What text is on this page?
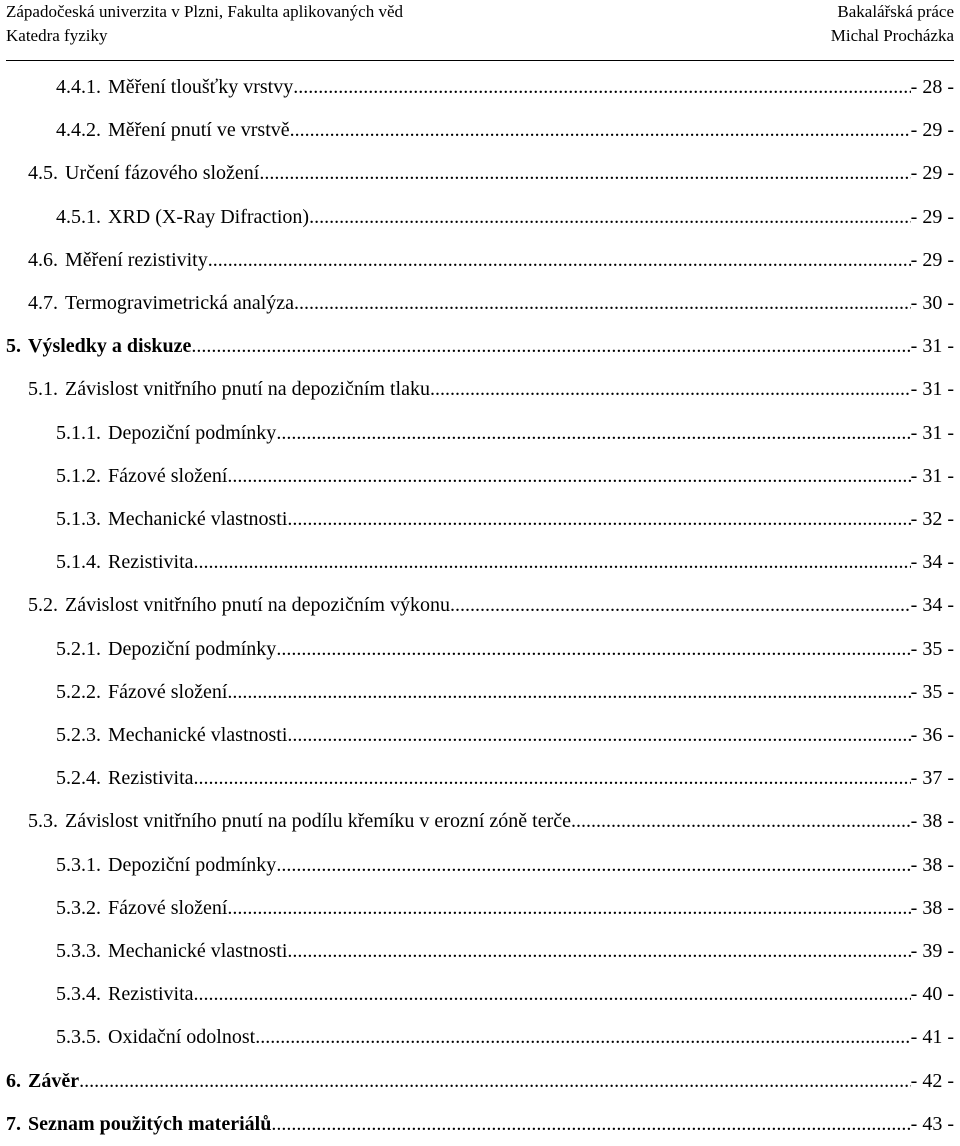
Západočeská univerzita v Plzni, Fakulta aplikovaných věd	Bakalářská práce
Katedra fyziky	Michal Procházka
4.4.1. Měření tloušťky vrstvy .....	- 28 -
4.4.2. Měření pnutí ve vrstvě .....	- 29 -
4.5. Určení fázového složení .....	- 29 -
4.5.1. XRD (X-Ray Difraction) .....	- 29 -
4.6. Měření rezistivity .....	- 29 -
4.7. Termogravimetrická analýza .....	- 30 -
5. Výsledky a diskuze .....	- 31 -
5.1. Závislost vnitřního pnutí na depozičním tlaku .....	- 31 -
5.1.1. Depoziční podmínky .....	- 31 -
5.1.2. Fázové složení .....	- 31 -
5.1.3. Mechanické vlastnosti .....	- 32 -
5.1.4. Rezistivita .....	- 34 -
5.2. Závislost vnitřního pnutí na depozičním výkonu .....	- 34 -
5.2.1. Depoziční podmínky .....	- 35 -
5.2.2. Fázové složení .....	- 35 -
5.2.3. Mechanické vlastnosti .....	- 36 -
5.2.4. Rezistivita .....	- 37 -
5.3. Závislost vnitřního pnutí na podílu křemíku v erozní zóně terče .....	- 38 -
5.3.1. Depoziční podmínky .....	- 38 -
5.3.2. Fázové složení .....	- 38 -
5.3.3. Mechanické vlastnosti .....	- 39 -
5.3.4. Rezistivita .....	- 40 -
5.3.5. Oxidační odolnost .....	- 41 -
6. Závěr .....	- 42 -
7. Seznam použitých materiálů .....	- 43 -
